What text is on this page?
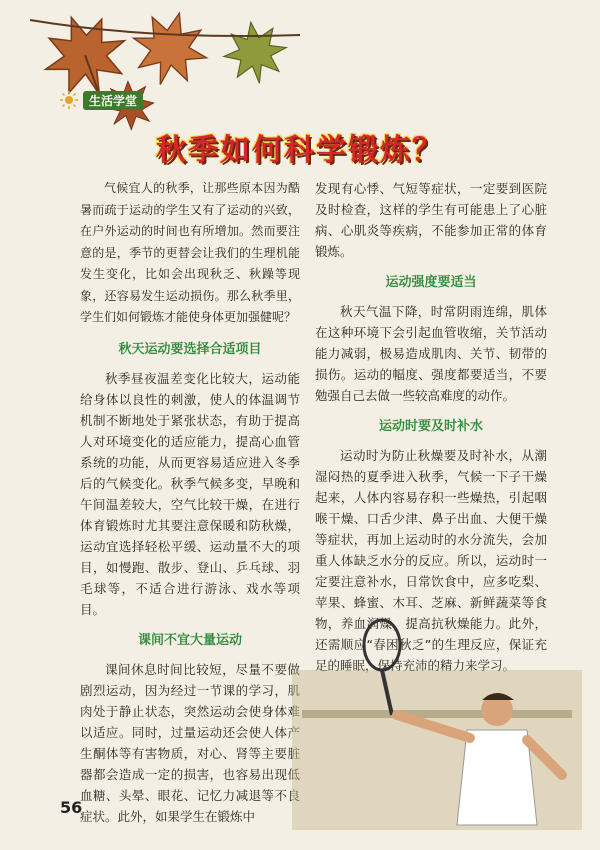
生活学堂
秋季如何科学锻炼？

气候宜人的秋季，让那些原本因为酷暑而疏于运动的学生又有了运动的兴致，在户外运动的时间也有所增加。然而要注意的是，季节的更替会让我们的生理机能发生变化，比如会出现秋乏、秋躁等现象，还容易发生运动损伤。那么秋季里，学生们如何锻炼才能使身体更加强健呢？

秋天运动要选择合适项目

秋季昼夜温差变化比较大，运动能给身体以良性的刺激，使人的体温调节机制不断地处于紧张状态，有助于提高人对环境变化的适应能力，提高心血管系统的功能，从而更容易适应进入冬季后的气候变化。秋季气候多变，早晚和午间温差较大，空气比较干燥，在进行体育锻炼时尤其要注意保暖和防秋燥，运动宜选择轻松平缓、运动量不大的项目，如慢跑、散步、登山、乒乓球、羽毛球等，不适合进行游泳、戏水等项目。

课间不宜大量运动

课间休息时间比较短，尽量不要做剧烈运动，因为经过一节课的学习，肌肉处于静止状态，突然运动会使身体难以适应。同时，过量运动还会使人体产生酮体等有害物质，对心、肾等主要脏器都会造成一定的损害，也容易出现低血糖、头晕、眼花、记忆力减退等不良症状。此外，如果学生在锻炼中

发现有心悸、气短等症状，一定要到医院及时检查，这样的学生有可能患上了心脏病、心肌炎等疾病，不能参加正常的体育锻炼。

运动强度要适当

秋天气温下降，时常阴雨连绵，肌体在这种环境下会引起血管收缩，关节活动能力减弱，极易造成肌肉、关节、韧带的损伤。运动的幅度、强度都要适当，不要勉强自己去做一些较高难度的动作。

运动时要及时补水

运动时为防止秋燥要及时补水，从潮湿闷热的夏季进入秋季，气候一下子干燥起来，人体内容易存积一些燥热，引起咽喉干燥、口舌少津、鼻子出血、大便干燥等症状，再加上运动时的水分流失，会加重人体缺乏水分的反应。所以，运动时一定要注意补水，日常饮食中，应多吃梨、苹果、蜂蜜、木耳、芝麻、新鲜蔬菜等食物，养血润燥，提高抗秋燥能力。此外，还需顺应“春困秋乏”的生理反应，保证充足的睡眠，保持充沛的精力来学习。

56
